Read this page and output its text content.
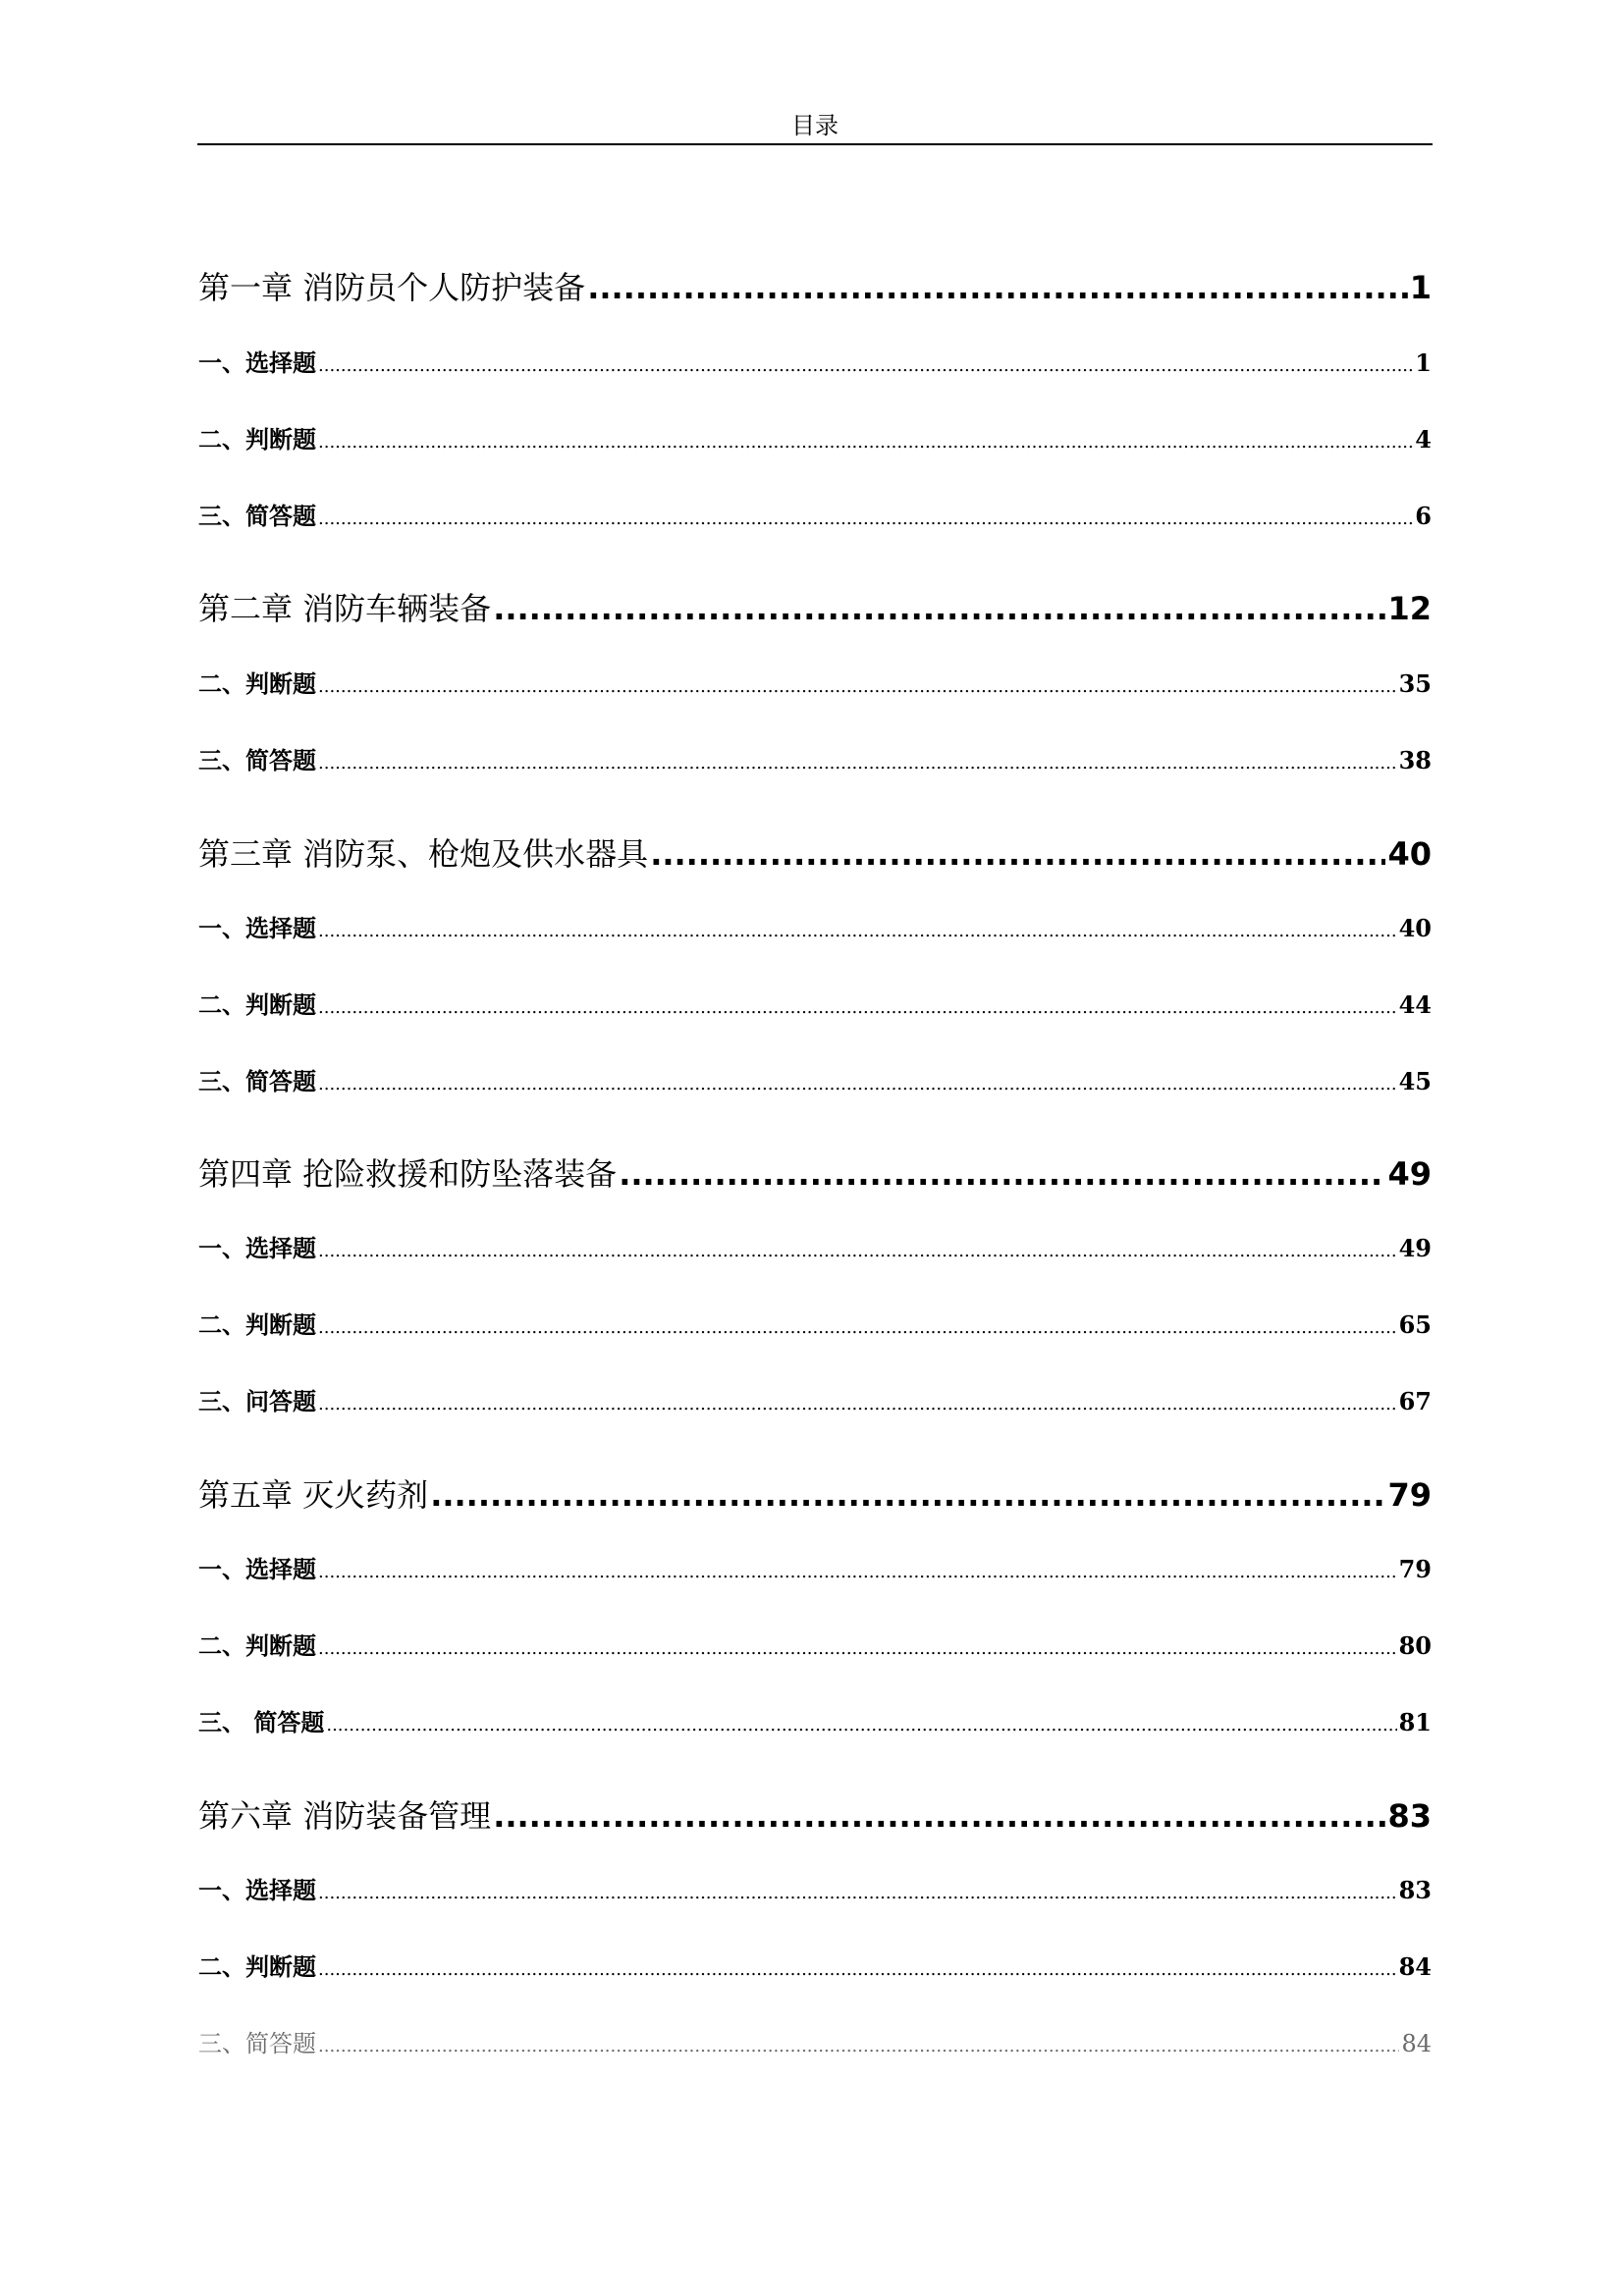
目录
第一章 消防员个人防护装备 .....	1
一、选择题 .....	1
二、判断题 .....	4
三、简答题 .....	6
第二章 消防车辆装备 .....	12
二、判断题 .....	35
三、简答题 .....	38
第三章 消防泵、枪炮及供水器具 .....	40
一、选择题 .....	40
二、判断题 .....	44
三、简答题 .....	45
第四章 抢险救援和防坠落装备 .....	49
一、选择题 .....	49
二、判断题 .....	65
三、问答题 .....	67
第五章 灭火药剂 .....	79
一、选择题 .....	79
二、判断题 .....	80
三、 简答题 .....	81
第六章 消防装备管理 .....	83
一、选择题 .....	83
二、判断题 .....	84
三、简答题 .....	84
